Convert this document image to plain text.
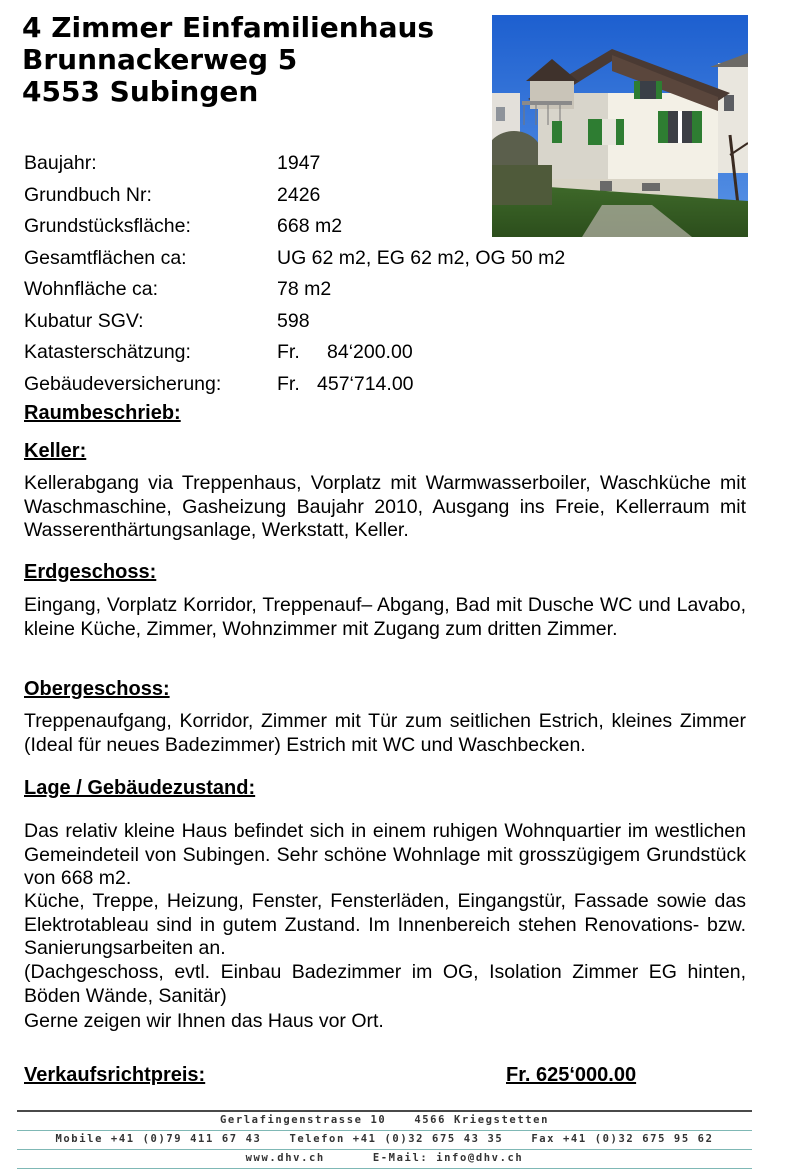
4 Zimmer Einfamilienhaus
Brunnackerweg 5
4553 Subingen
Baujahr:	1947
Grundbuch Nr:	2426
Grundstücksfläche:	668 m2
Gesamtflächen ca:	UG 62 m2, EG 62 m2, OG 50 m2
Wohnfläche ca:	78 m2
Kubatur SGV:	598
Katasterschätzung:	Fr. 84‘200.00
Gebäudeversicherung:	Fr. 457‘714.00
Raumbeschrieb:
Keller:

Kellerabgang via Treppenhaus, Vorplatz mit Warmwasserboiler, Waschküche mit Waschmaschine, Gasheizung Baujahr 2010, Ausgang ins Freie, Kellerraum mit Wasserenthärtungsanlage, Werkstatt, Keller.

Erdgeschoss:

Eingang, Vorplatz Korridor, Treppenauf– Abgang, Bad mit Dusche WC und Lavabo, kleine Küche, Zimmer, Wohnzimmer mit Zugang zum dritten Zimmer.

Obergeschoss:

Treppenaufgang, Korridor, Zimmer mit Tür zum seitlichen Estrich, kleines Zimmer (Ideal für neues Badezimmer) Estrich mit WC und Waschbecken.

Lage / Gebäudezustand:

Das relativ kleine Haus befindet sich in einem ruhigen Wohnquartier im westlichen Gemeindeteil von Subingen. Sehr schöne Wohnlage mit grosszügigem Grundstück von 668 m2.

Küche, Treppe, Heizung, Fenster, Fensterläden, Eingangstür, Fassade sowie das Elektrotableau sind in gutem Zustand. Im Innenbereich stehen Renovations- bzw. Sanierungsarbeiten an.

(Dachgeschoss, evtl. Einbau Badezimmer im OG, Isolation Zimmer EG hinten, Böden Wände, Sanitär)

Gerne zeigen wir Ihnen das Haus vor Ort.

Verkaufsrichtpreis:	Fr. 625‘000.00
Gerlafingenstrasse 10	4566 Kriegstetten
Mobile +41 (0)79 411 67 43	Telefon +41 (0)32 675 43 35	Fax +41 (0)32 675 95 62
www.dhv.ch	E-Mail: info@dhv.ch
